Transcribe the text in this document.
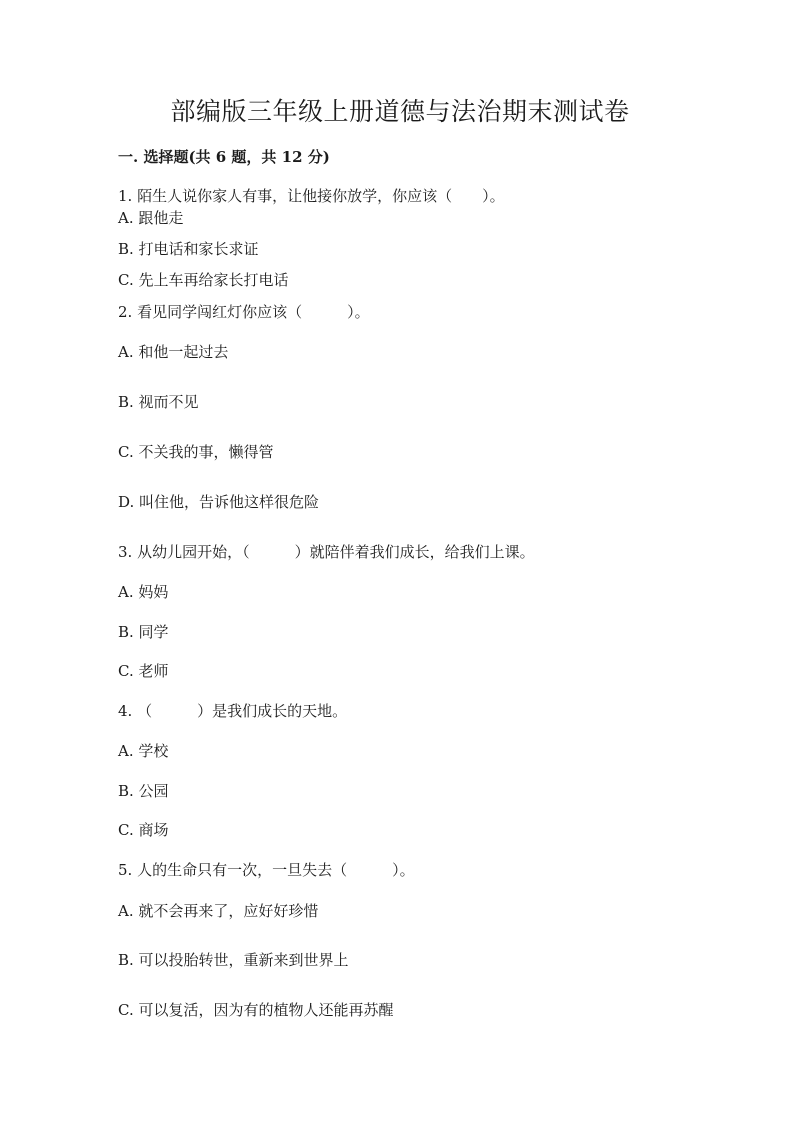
部编版三年级上册道德与法治期末测试卷
一. 选择题(共 6 题，共 12 分)
1. 陌生人说你家人有事，让他接你放学，你应该（　　）。
A. 跟他走
B. 打电话和家长求证
C. 先上车再给家长打电话
2. 看见同学闯红灯你应该（　　　）。
A. 和他一起过去
B. 视而不见
C. 不关我的事，懒得管
D. 叫住他，告诉他这样很危险
3. 从幼儿园开始，（　　　）就陪伴着我们成长，给我们上课。
A. 妈妈
B. 同学
C. 老师
4. （　　　）是我们成长的天地。
A. 学校
B. 公园
C. 商场
5. 人的生命只有一次，一旦失去（　　　）。
A. 就不会再来了，应好好珍惜
B. 可以投胎转世，重新来到世界上
C. 可以复活，因为有的植物人还能再苏醒
